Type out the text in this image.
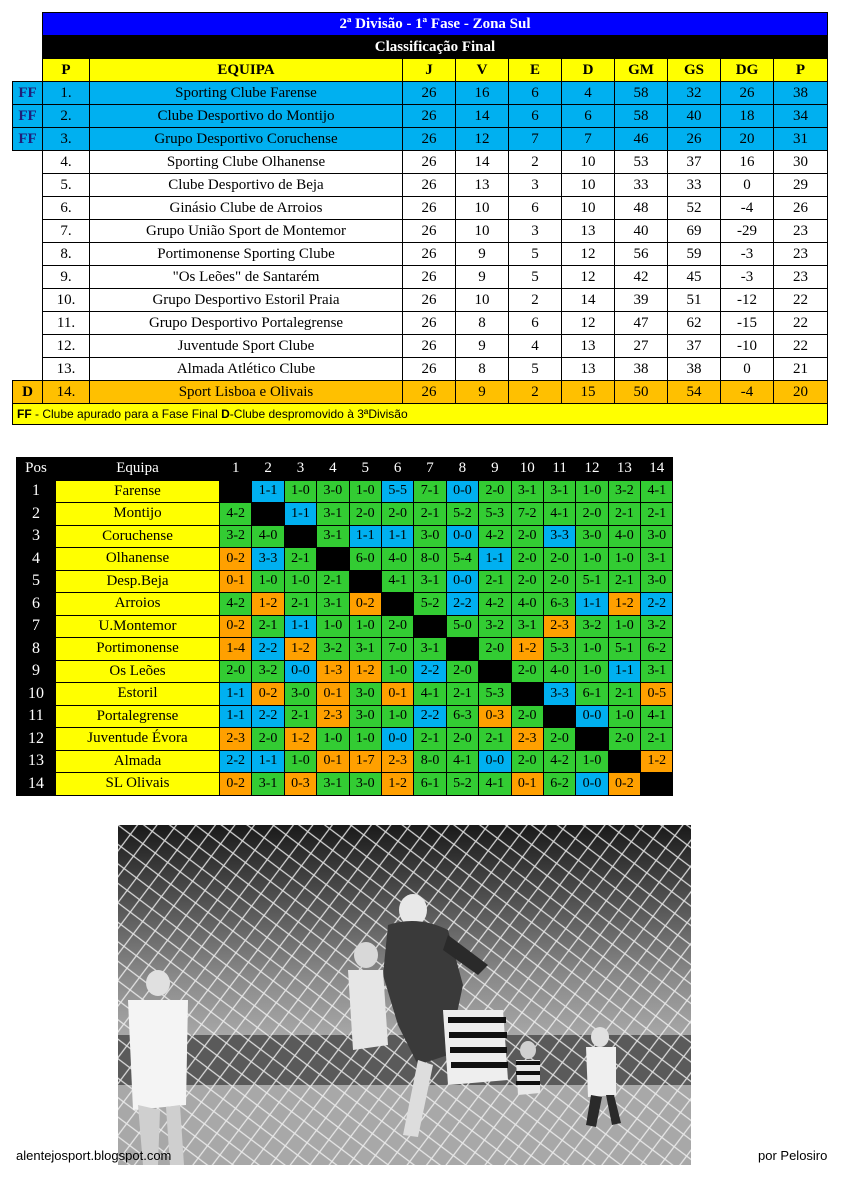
	2ª Divisão - 1ª Fase - Zona Sul									
	Classificação Final									
	P	EQUIPA	J	V	E	D	GM	GS	DG	P
FF	1.	Sporting Clube Farense	26	16	6	4	58	32	26	38
FF	2.	Clube Desportivo do Montijo	26	14	6	6	58	40	18	34
FF	3.	Grupo Desportivo Coruchense	26	12	7	7	46	26	20	31
	4.	Sporting Clube Olhanense	26	14	2	10	53	37	16	30
	5.	Clube Desportivo de Beja	26	13	3	10	33	33	0	29
	6.	Ginásio Clube de Arroios	26	10	6	10	48	52	-4	26
	7.	Grupo União Sport de Montemor	26	10	3	13	40	69	-29	23
	8.	Portimonense Sporting Clube	26	9	5	12	56	59	-3	23
	9.	"Os Leões" de Santarém	26	9	5	12	42	45	-3	23
	10.	Grupo Desportivo Estoril Praia	26	10	2	14	39	51	-12	22
	11.	Grupo Desportivo Portalegrense	26	8	6	12	47	62	-15	22
	12.	Juventude Sport Clube	26	9	4	13	27	37	-10	22
	13.	Almada Atlético Clube	26	8	5	13	38	38	0	21
D	14.	Sport Lisboa e Olivais	26	9	2	15	50	54	-4	20
FF - Clube apurado para a Fase Final D-Clube despromovido à 3ªDivisão										
Pos	Equipa	1	2	3	4	5	6	7	8	9	10	11	12	13	14
1	Farense		1-1	1-0	3-0	1-0	5-5	7-1	0-0	2-0	3-1	3-1	1-0	3-2	4-1
2	Montijo	4-2		1-1	3-1	2-0	2-0	2-1	5-2	5-3	7-2	4-1	2-0	2-1	2-1
3	Coruchense	3-2	4-0		3-1	1-1	1-1	3-0	0-0	4-2	2-0	3-3	3-0	4-0	3-0
4	Olhanense	0-2	3-3	2-1		6-0	4-0	8-0	5-4	1-1	2-0	2-0	1-0	1-0	3-1
5	Desp.Beja	0-1	1-0	1-0	2-1		4-1	3-1	0-0	2-1	2-0	2-0	5-1	2-1	3-0
6	Arroios	4-2	1-2	2-1	3-1	0-2		5-2	2-2	4-2	4-0	6-3	1-1	1-2	2-2
7	U.Montemor	0-2	2-1	1-1	1-0	1-0	2-0		5-0	3-2	3-1	2-3	3-2	1-0	3-2
8	Portimonense	1-4	2-2	1-2	3-2	3-1	7-0	3-1		2-0	1-2	5-3	1-0	5-1	6-2
9	Os Leões	2-0	3-2	0-0	1-3	1-2	1-0	2-2	2-0		2-0	4-0	1-0	1-1	3-1
10	Estoril	1-1	0-2	3-0	0-1	3-0	0-1	4-1	2-1	5-3		3-3	6-1	2-1	0-5
11	Portalegrense	1-1	2-2	2-1	2-3	3-0	1-0	2-2	6-3	0-3	2-0		0-0	1-0	4-1
12	Juventude Évora	2-3	2-0	1-2	1-0	1-0	0-0	2-1	2-0	2-1	2-3	2-0		2-0	2-1
13	Almada	2-2	1-1	1-0	0-1	1-7	2-3	8-0	4-1	0-0	2-0	4-2	1-0		1-2
14	SL Olivais	0-2	3-1	0-3	3-1	3-0	1-2	6-1	5-2	4-1	0-1	6-2	0-0	0-2	
alentejosport.blogspot.com	por Pelosiro
